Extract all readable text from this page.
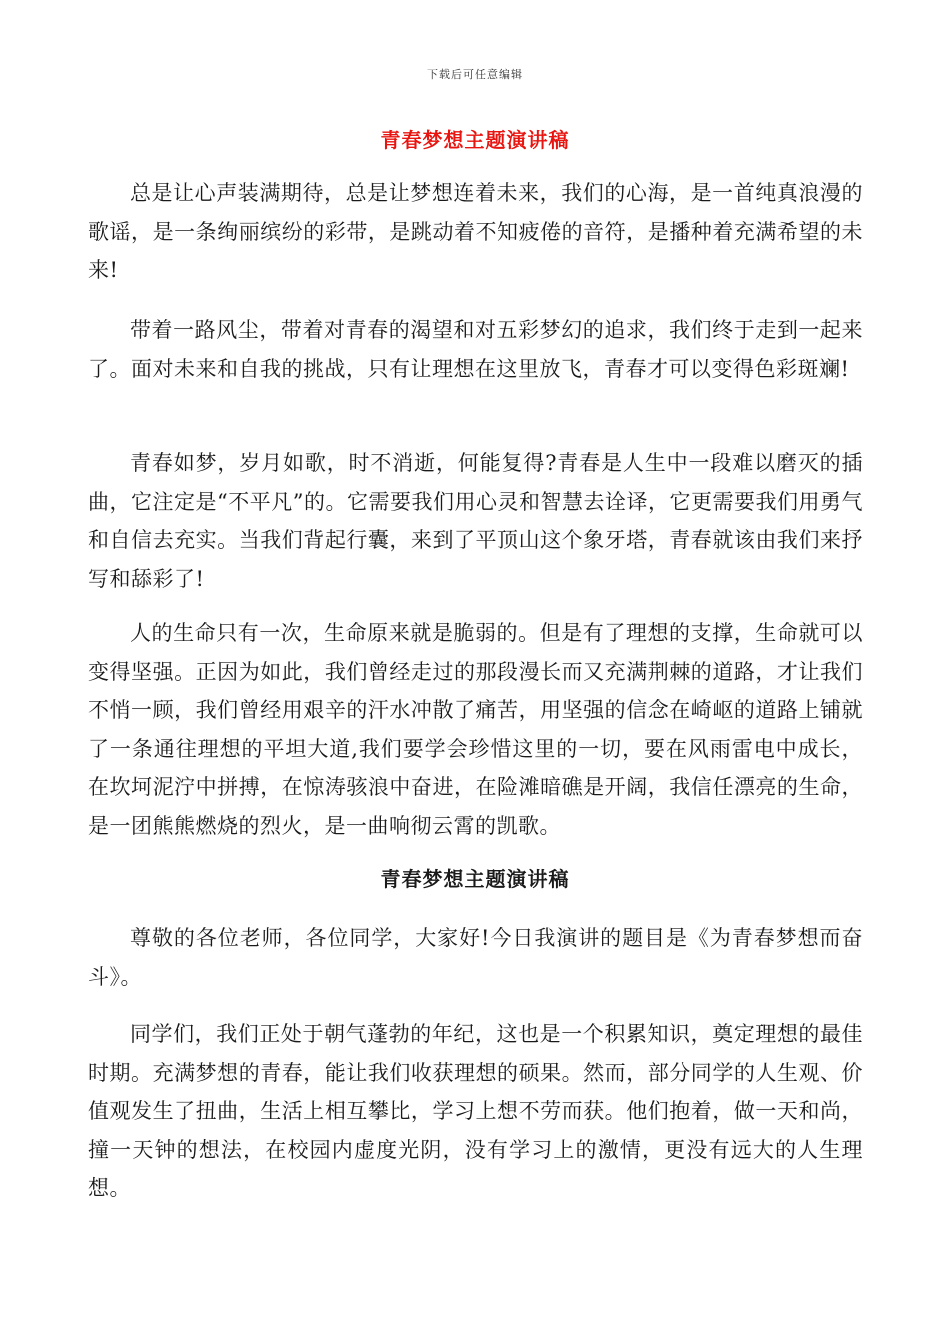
下载后可任意编辑
青春梦想主题演讲稿

总是让心声装满期待，总是让梦想连着未来，我们的心海，是一首纯真浪漫的歌谣，是一条绚丽缤纷的彩带，是跳动着不知疲倦的音符，是播种着充满希望的未来!

带着一路风尘，带着对青春的渴望和对五彩梦幻的追求，我们终于走到一起来了。面对未来和自我的挑战，只有让理想在这里放飞，青春才可以变得色彩斑斓!

青春如梦，岁月如歌，时不消逝，何能复得?青春是人生中一段难以磨灭的插曲，它注定是“不平凡”的。它需要我们用心灵和智慧去诠译，它更需要我们用勇气和自信去充实。当我们背起行囊，来到了平顶山这个象牙塔，青春就该由我们来抒写和舔彩了!

人的生命只有一次，生命原来就是脆弱的。但是有了理想的支撑，生命就可以变得坚强。正因为如此，我们曾经走过的那段漫长而又充满荆棘的道路，才让我们不悄一顾，我们曾经用艰辛的汗水冲散了痛苦，用坚强的信念在崎岖的道路上铺就了一条通往理想的平坦大道,我们要学会珍惜这里的一切，要在风雨雷电中成长，在坎坷泥泞中拼搏，在惊涛骇浪中奋进，在险滩暗礁是开阔，我信任漂亮的生命，是一团熊熊燃烧的烈火，是一曲响彻云霄的凯歌。

青春梦想主题演讲稿

尊敬的各位老师，各位同学，大家好!今日我演讲的题目是《为青春梦想而奋斗》。

同学们，我们正处于朝气蓬勃的年纪，这也是一个积累知识，奠定理想的最佳时期。充满梦想的青春，能让我们收获理想的硕果。然而，部分同学的人生观、价值观发生了扭曲，生活上相互攀比，学习上想不劳而获。他们抱着，做一天和尚，撞一天钟的想法，在校园内虚度光阴，没有学习上的激情，更没有远大的人生理想。
